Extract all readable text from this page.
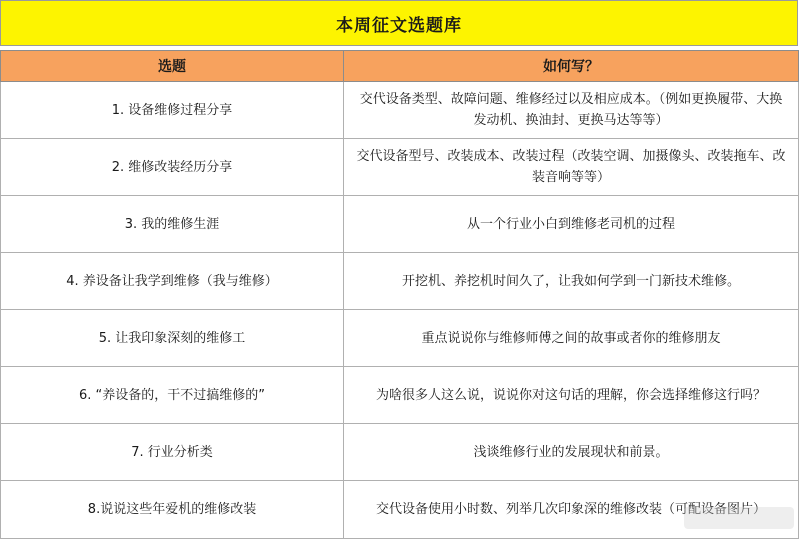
本周征文选题库
选题	如何写？
1. 设备维修过程分享	交代设备类型、故障问题、维修经过以及相应成本。（例如更换履带、大换发动机、换油封、更换马达等等）
2. 维修改装经历分享	交代设备型号、改装成本、改装过程（改装空调、加摄像头、改装拖车、改装音响等等）
3. 我的维修生涯	从一个行业小白到维修老司机的过程
4. 养设备让我学到维修（我与维修）	开挖机、养挖机时间久了，让我如何学到一门新技术维修。
5. 让我印象深刻的维修工	重点说说你与维修师傅之间的故事或者你的维修朋友
6. “养设备的，干不过搞维修的”	为啥很多人这么说，说说你对这句话的理解，你会选择维修这行吗？
7. 行业分析类	浅谈维修行业的发展现状和前景。
8.说说这些年爱机的维修改装	交代设备使用小时数、列举几次印象深的维修改装（可配设备图片）
